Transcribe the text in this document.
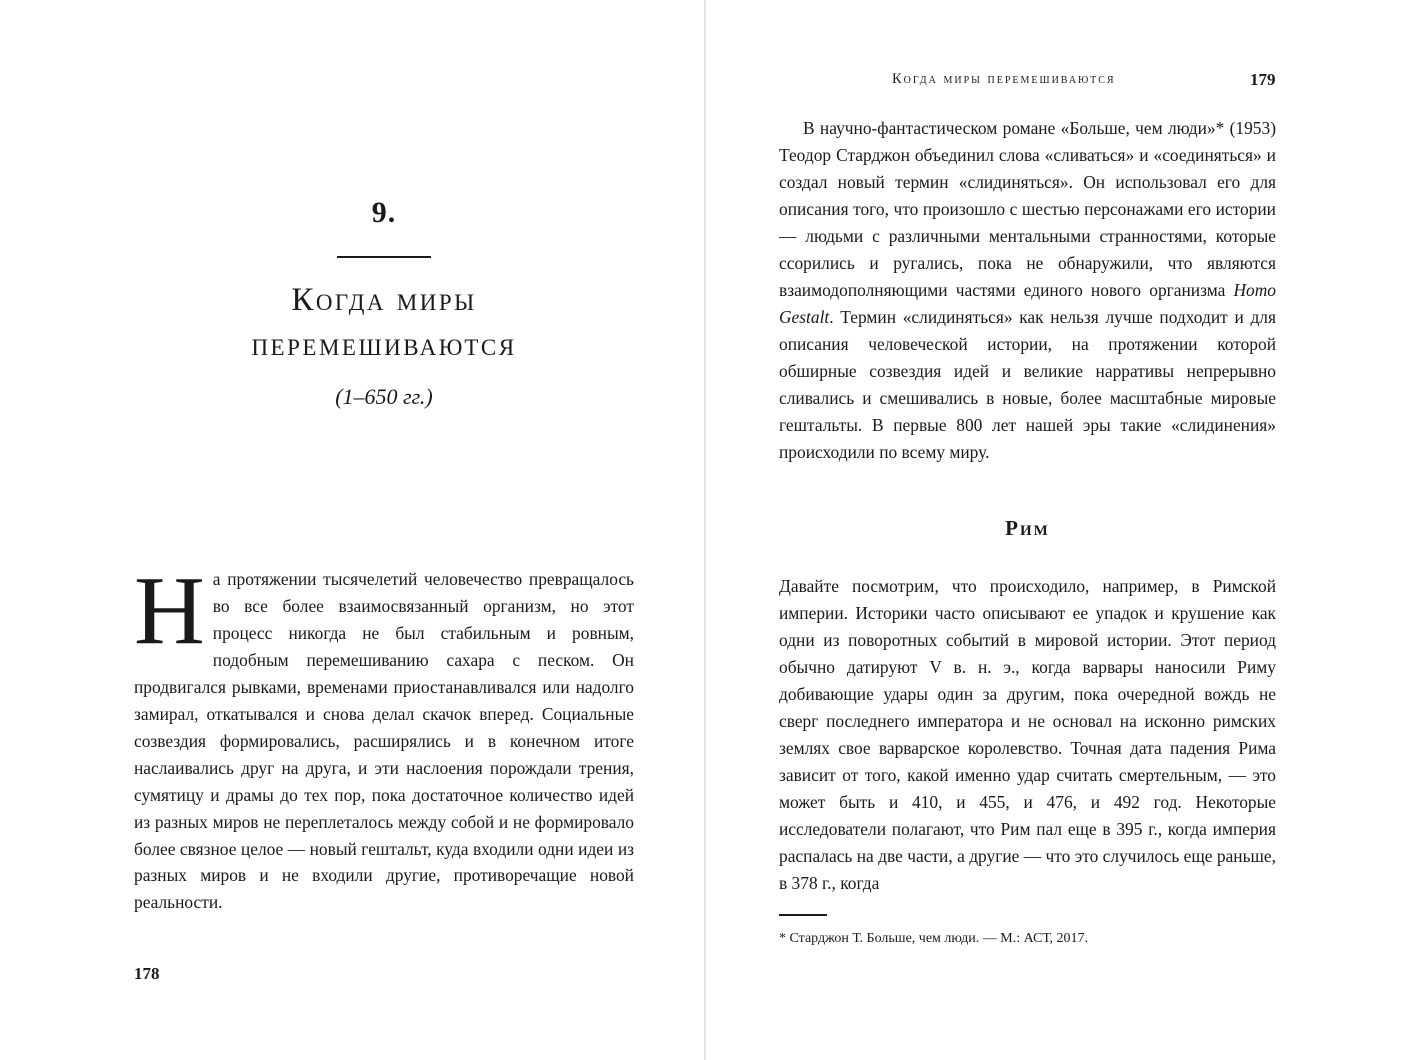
9.

Когда миры
перемешиваются

(1–650 гг.)

На протяжении тысячелетий человечество превращалось во все более взаимосвязанный организм, но этот процесс никогда не был стабильным и ровным, подобным перемешиванию сахара с песком. Он продвигался рывками, временами приостанавливался или надолго замирал, откатывался и снова делал скачок вперед. Социальные созвездия формировались, расширялись и в конечном итоге наслаивались друг на друга, и эти наслоения порождали трения, сумятицу и драмы до тех пор, пока достаточное количество идей из разных миров не переплеталось между собой и не формировало более связное целое — новый гештальт, куда входили одни идеи из разных миров и не входили другие, противоречащие новой реальности.

178

Когда миры перемешиваются	179

В научно-фантастическом романе «Больше, чем люди»* (1953) Теодор Старджон объединил слова «сливаться» и «соединяться» и создал новый термин «слидиняться». Он использовал его для описания того, что произошло с шестью персонажами его истории — людьми с различными ментальными странностями, которые ссорились и ругались, пока не обнаружили, что являются взаимодополняющими частями единого нового организма Homo Gestalt. Термин «слидиняться» как нельзя лучше подходит и для описания человеческой истории, на протяжении которой обширные созвездия идей и великие нарративы непрерывно сливались и смешивались в новые, более масштабные мировые гештальты. В первые 800 лет нашей эры такие «слидинения» происходили по всему миру.

Рим

Давайте посмотрим, что происходило, например, в Римской империи. Историки часто описывают ее упадок и крушение как одни из поворотных событий в мировой истории. Этот период обычно датируют V в. н. э., когда варвары наносили Риму добивающие удары один за другим, пока очередной вождь не сверг последнего императора и не основал на исконно римских землях свое варварское королевство. Точная дата падения Рима зависит от того, какой именно удар считать смертельным, — это может быть и 410, и 455, и 476, и 492 год. Некоторые исследователи полагают, что Рим пал еще в 395 г., когда империя распалась на две части, а другие — что это случилось еще раньше, в 378 г., когда

* Старджон Т. Больше, чем люди. — М.: АСТ, 2017.
